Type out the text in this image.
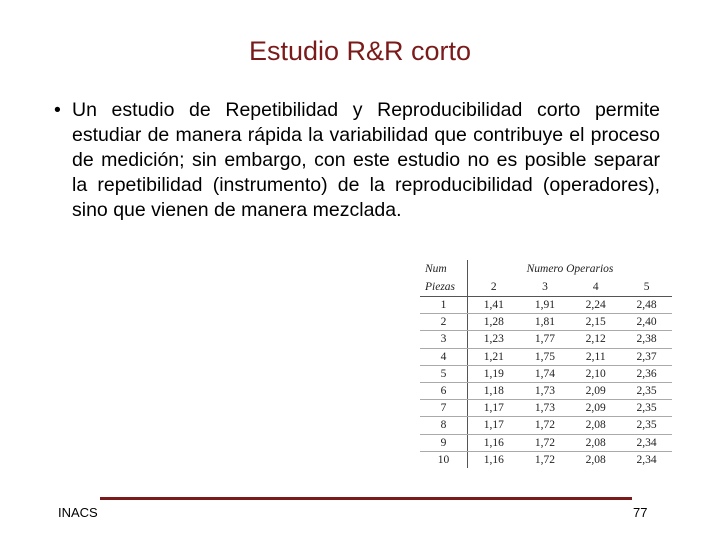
Estudio R&R corto
• Un estudio de Repetibilidad y Reproducibilidad corto permite estudiar de manera rápida la variabilidad que contribuye el proceso de medición; sin embargo, con este estudio no es posible separar la repetibilidad (instrumento) de la reproducibilidad (operadores), sino que vienen de manera mezclada.
Num	Numero Operarios			
Piezas	2	3	4	5
1	1,41	1,91	2,24	2,48
2	1,28	1,81	2,15	2,40
3	1,23	1,77	2,12	2,38
4	1,21	1,75	2,11	2,37
5	1,19	1,74	2,10	2,36
6	1,18	1,73	2,09	2,35
7	1,17	1,73	2,09	2,35
8	1,17	1,72	2,08	2,35
9	1,16	1,72	2,08	2,34
10	1,16	1,72	2,08	2,34
INACS	77
